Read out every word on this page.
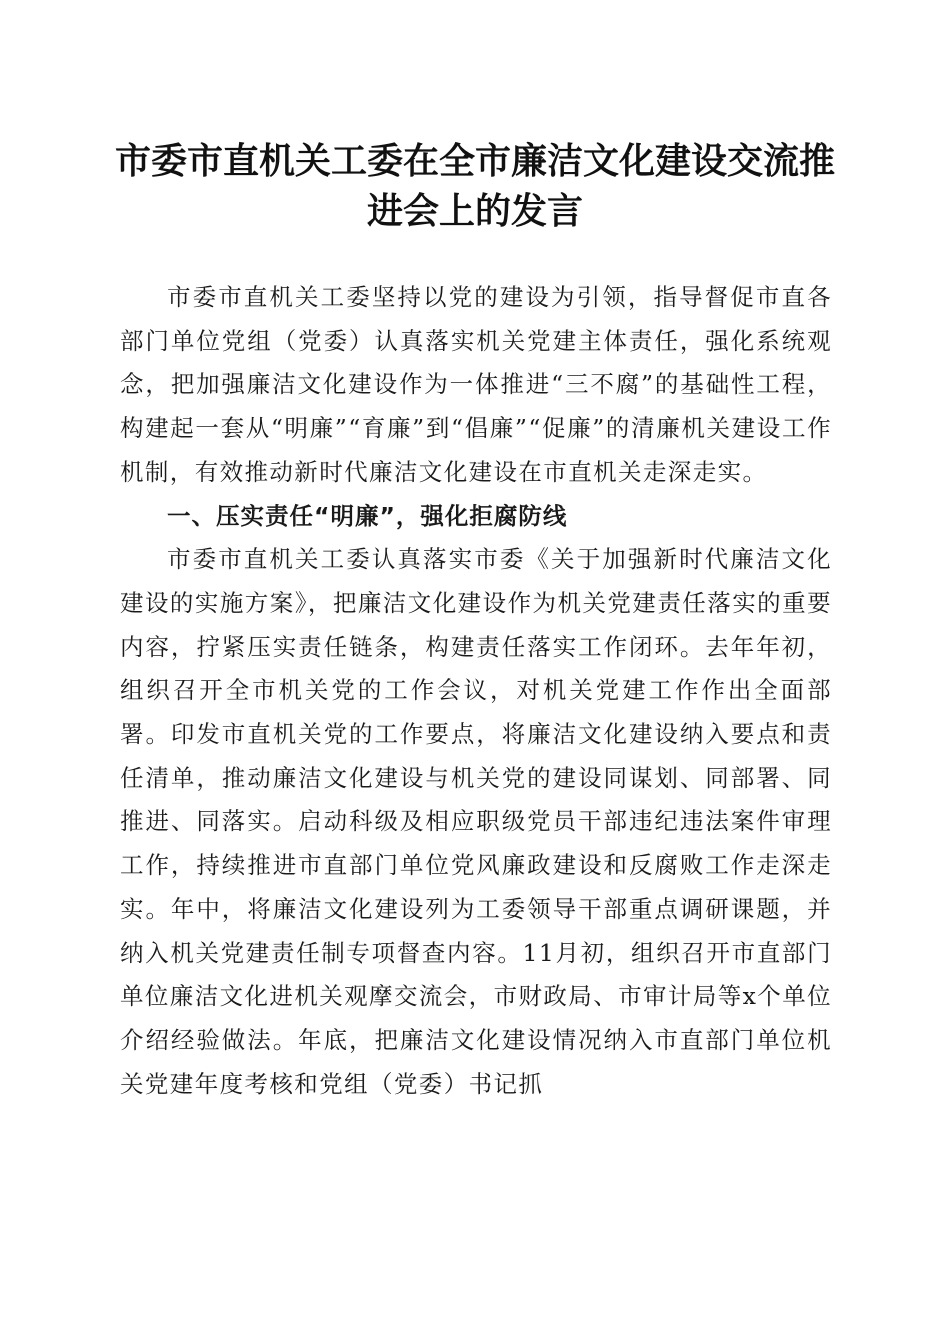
市委市直机关工委在全市廉洁文化建设交流推
进会上的发言

市委市直机关工委坚持以党的建设为引领，指导督促市直各部门单位党组（党委）认真落实机关党建主体责任，强化系统观念，把加强廉洁文化建设作为一体推进“三不腐”的基础性工程，构建起一套从“明廉”“育廉”到“倡廉”“促廉”的清廉机关建设工作机制，有效推动新时代廉洁文化建设在市直机关走深走实。

一、压实责任“明廉”，强化拒腐防线

市委市直机关工委认真落实市委《关于加强新时代廉洁文化建设的实施方案》，把廉洁文化建设作为机关党建责任落实的重要内容，拧紧压实责任链条，构建责任落实工作闭环。去年年初，组织召开全市机关党的工作会议，对机关党建工作作出全面部署。印发市直机关党的工作要点，将廉洁文化建设纳入要点和责任清单，推动廉洁文化建设与机关党的建设同谋划、同部署、同推进、同落实。启动科级及相应职级党员干部违纪违法案件审理工作，持续推进市直部门单位党风廉政建设和反腐败工作走深走实。年中，将廉洁文化建设列为工委领导干部重点调研课题，并纳入机关党建责任制专项督查内容。11月初，组织召开市直部门单位廉洁文化进机关观摩交流会，市财政局、市审计局等x个单位介绍经验做法。年底，把廉洁文化建设情况纳入市直部门单位机关党建年度考核和党组（党委）书记抓
